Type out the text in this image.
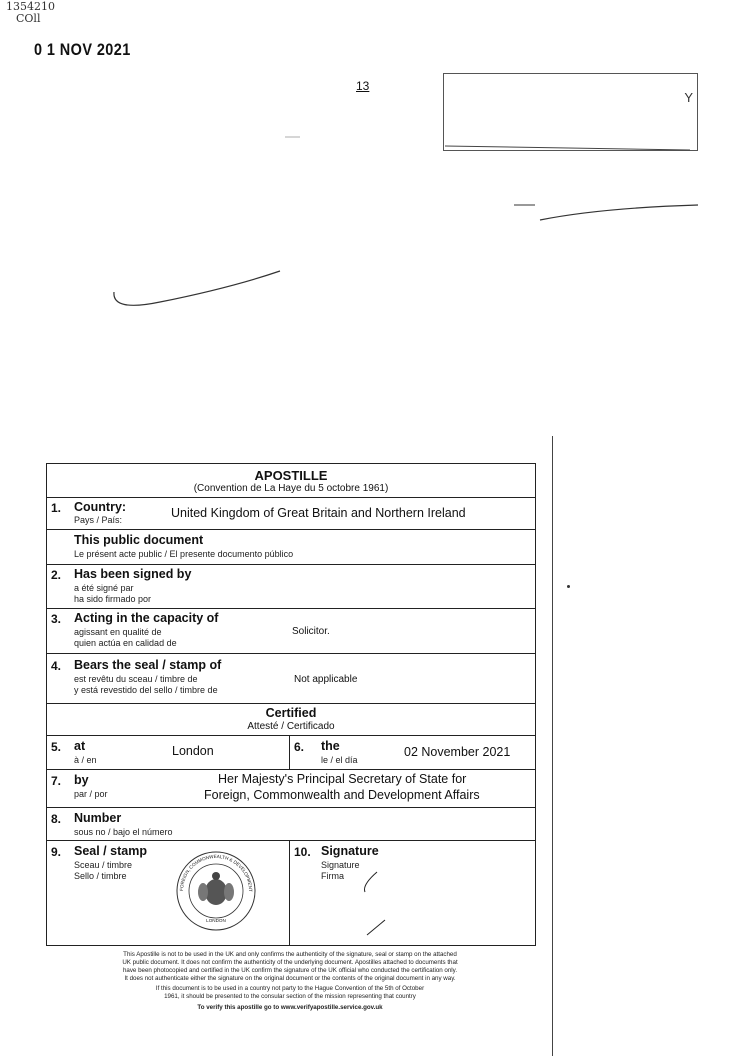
1354210
COll
0 1 NOV 2021
13
Y
APOSTILLE
(Convention de La Haye du 5 octobre 1961)
1. Country:
Pays / País:	United Kingdom of Great Britain and Northern Ireland
This public document
Le présent acte public / El presente documento público
2. Has been signed by
a été signé par
ha sido firmado por
3. Acting in the capacity of
agissant en qualité de
quien actúa en calidad de
Solicitor.
4. Bears the seal / stamp of
est revêtu du sceau / timbre de
y está revestido del sello / timbre de
Not applicable
Certified
Attesté / Certificado
5. at
à / en
London	6. the
le / el día
02 November 2021
7. by
par / por
Her Majesty's Principal Secretary of State for
Foreign, Commonwealth and Development Affairs
8. Number
sous no / bajo el número
9. Seal / stamp
Sceau / timbre
Sello / timbre
FOREIGN, COMMONWEALTH & DEVELOPMENT
LONDON
10. Signature
Signature
Firma
This Apostille is not to be used in the UK and only confirms the authenticity of the signature, seal or stamp on the attached
UK public document. It does not confirm the authenticity of the underlying document. Apostilles attached to documents that
have been photocopied and certified in the UK confirm the signature of the UK official who conducted the certification only.
It does not authenticate either the signature on the original document or the contents of the original document in any way.
If this document is to be used in a country not party to the Hague Convention of the 5th of October
1961, it should be presented to the consular section of the mission representing that country
To verify this apostille go to www.verifyapostille.service.gov.uk
